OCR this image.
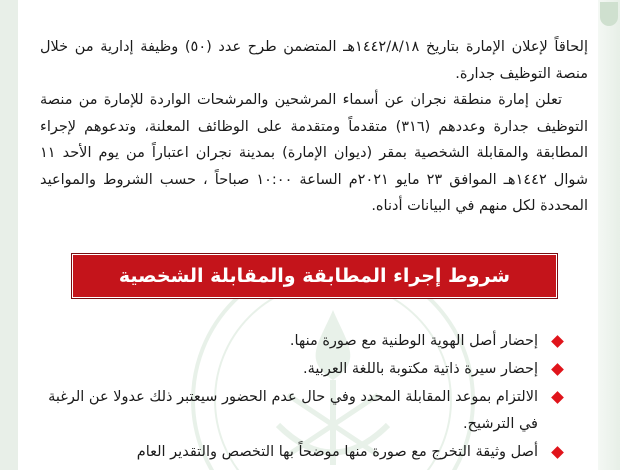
إلحاقاً لإعلان الإمارة بتاريخ ١٤٤٢/٨/١٨هـ المتضمن طرح عدد (٥٠) وظيفة إدارية من خلال منصة التوظيف جدارة.

تعلن إمارة منطقة نجران عن أسماء المرشحين والمرشحات الواردة للإمارة من منصة التوظيف جدارة وعددهم (٣١٦) متقدماً ومتقدمة على الوظائف المعلنة، وتدعوهم لإجراء المطابقة والمقابلة الشخصية بمقر (ديوان الإمارة) بمدينة نجران اعتباراً من يوم الأحد ١١ شوال ١٤٤٢هـ الموافق ٢٣ مايو ٢٠٢١م الساعة ١٠:٠٠ صباحاً ، حسب الشروط والمواعيد المحددة لكل منهم في البيانات أدناه.

شروط إجراء المطابقة والمقابلة الشخصية
إحضار أصل الهوية الوطنية مع صورة منها.
إحضار سيرة ذاتية مكتوبة باللغة العربية.
الالتزام بموعد المقابلة المحدد وفي حال عدم الحضور سيعتبر ذلك عدولا عن الرغبة في الترشيح.
أصل وثيقة التخرج مع صورة منها موضحاً بها التخصص والتقدير العام
